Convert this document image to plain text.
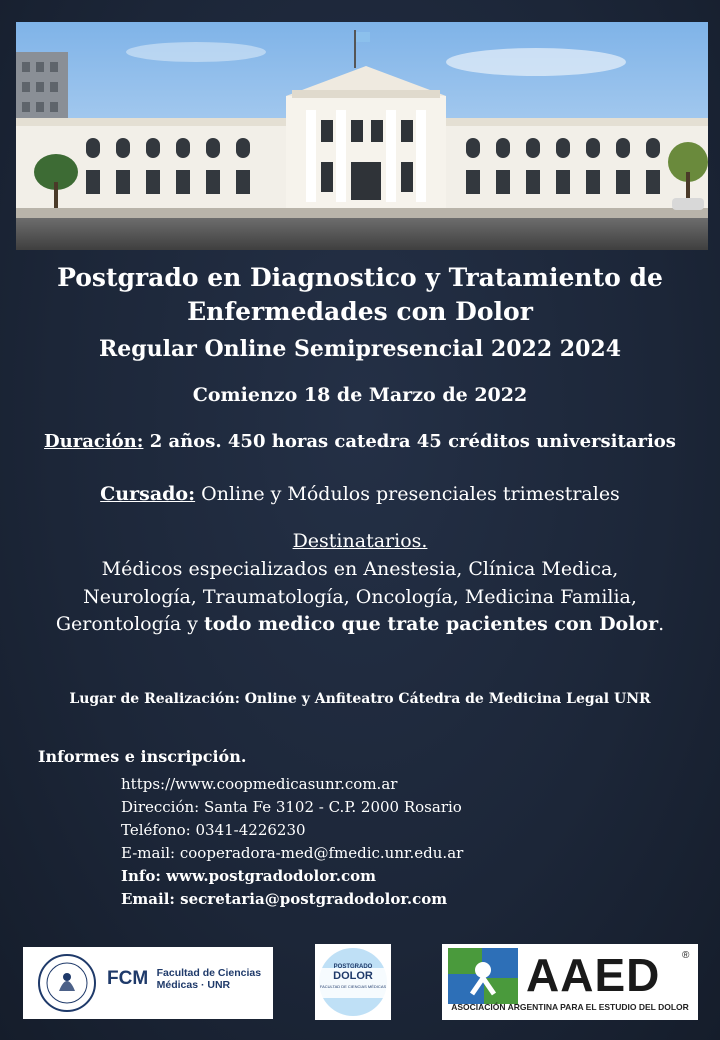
Postgrado en Diagnostico y Tratamiento de
Enfermedades con Dolor
Regular Online Semipresencial 2022 2024
Comienzo 18 de Marzo de 2022
Duración: 2 años. 450 horas catedra 45 créditos universitarios
Cursado: Online y Módulos presenciales trimestrales
Destinatarios.
Médicos especializados en Anestesia, Clínica Medica,
Neurología, Traumatología, Oncología, Medicina Familia,
Gerontología y todo medico que trate pacientes con Dolor.
Lugar de Realización: Online y Anfiteatro Cátedra de Medicina Legal UNR
Informes e inscripción.
https://www.coopmedicasunr.com.ar
Dirección: Santa Fe 3102 - C.P. 2000 Rosario
Teléfono: 0341-4226230
E-mail: cooperadora-med@fmedic.unr.edu.ar
Info: www.postgradodolor.com
Email: secretaria@postgradodolor.com
FCM Facultad de Ciencias
Médicas · UNR
POSTGRADO
DOLOR
FACULTAD DE CIENCIAS MÉDICAS	AAED ®
ASOCIACIÓN ARGENTINA PARA EL ESTUDIO DEL DOLOR
